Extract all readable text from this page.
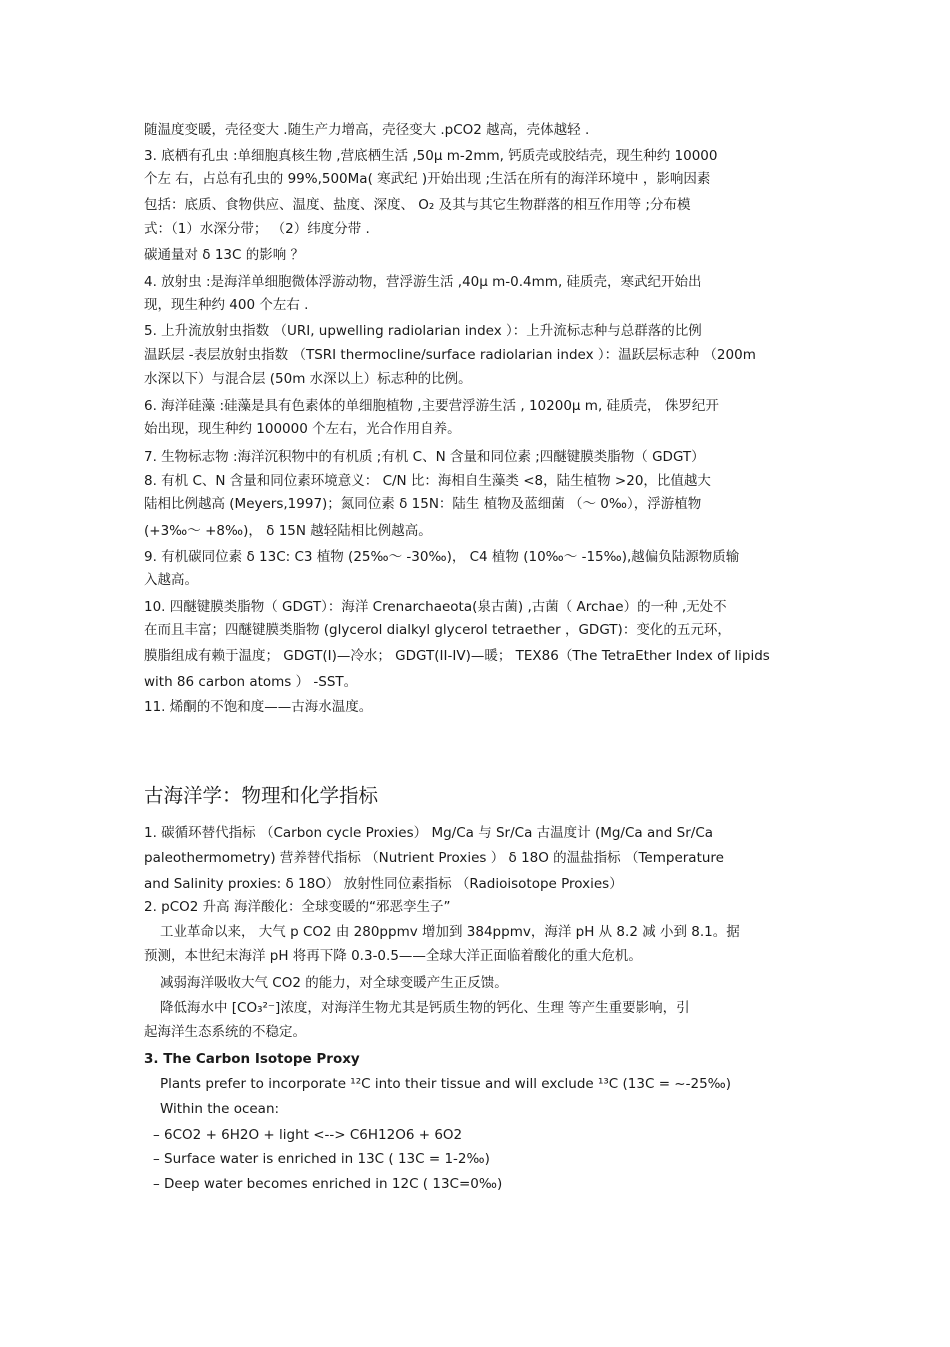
随温度变暖，壳径变大 .随生产力增高，壳径变大 .pCO2 越高，壳体越轻 .
3. 底栖有孔虫 :单细胞真核生物 ,营底栖生活 ,50μ m-2mm, 钙质壳或胶结壳，现生种约 10000
个左 右，占总有孔虫的 99%,500Ma( 寒武纪 )开始出现 ;生活在所有的海洋环境中 ，影响因素
包括：底质、食物供应、温度、盐度、深度、 O₂ 及其与其它生物群落的相互作用等 ;分布模
式：（1）水深分带； （2）纬度分带 .
碳通量对 δ 13C 的影响 ？
4. 放射虫 :是海洋单细胞微体浮游动物，营浮游生活 ,40μ m-0.4mm, 硅质壳，寒武纪开始出
现，现生种约 400 个左右 .
5. 上升流放射虫指数 （URI, upwelling radiolarian index ）：上升流标志种与总群落的比例
温跃层 -表层放射虫指数 （TSRI thermocline/surface radiolarian index ）：温跃层标志种 （200m
水深以下）与混合层 (50m 水深以上）标志种的比例。
6. 海洋硅藻 :硅藻是具有色素体的单细胞植物 ,主要营浮游生活 , 10200μ m, 硅质壳， 侏罗纪开
始出现，现生种约 100000 个左右，光合作用自养。
7. 生物标志物 :海洋沉积物中的有机质 ;有机 C、N 含量和同位素 ;四醚键膜类脂物（ GDGT）
8. 有机 C、N 含量和同位素环境意义： C/N 比：海相自生藻类 <8，陆生植物 >20，比值越大
陆相比例越高 (Meyers,1997)；氮同位素 δ 15N：陆生 植物及蓝细菌 （～ 0‰），浮游植物
(+3‰～ +8‰)， δ 15N 越轻陆相比例越高。
9. 有机碳同位素 δ 13C: C3 植物 (25‰～ -30‰)， C4 植物 (10‰～ -15‰),越偏负陆源物质输
入越高。
10. 四醚键膜类脂物（ GDGT）：海洋 Crenarchaeota(泉古菌) ,古菌（ Archae）的一种 ,无处不
在而且丰富；四醚键膜类脂物 (glycerol dialkyl glycerol tetraether ，GDGT)：变化的五元环，
膜脂组成有赖于温度； GDGT(I)—冷水； GDGT(II-IV)—暖； TEX86（The TetraEther Index of lipids
with 86 carbon atoms ） -SST。
11. 烯酮的不饱和度——古海水温度。
古海洋学：物理和化学指标
1. 碳循环替代指标 （Carbon cycle Proxies） Mg/Ca 与 Sr/Ca 古温度计 (Mg/Ca and Sr/Ca
paleothermometry) 营养替代指标 （Nutrient Proxies ） δ 18O 的温盐指标 （Temperature
and Salinity proxies: δ 18O） 放射性同位素指标 （Radioisotope Proxies）
2. pCO2 升高 海洋酸化：全球变暖的“邪恶孪生子”
工业革命以来， 大气 p CO2 由 280ppmv 增加到 384ppmv，海洋 pH 从 8.2 减 小到 8.1。据
预测，本世纪末海洋 pH 将再下降 0.3-0.5——全球大洋正面临着酸化的重大危机。
减弱海洋吸收大气 CO2 的能力，对全球变暖产生正反馈。
降低海水中 [CO₃²⁻]浓度，对海洋生物尤其是钙质生物的钙化、生理 等产生重要影响，引
起海洋生态系统的不稳定。
3. The Carbon Isotope Proxy
Plants prefer to incorporate ¹²C into their tissue and will exclude ¹³C (13C = ~-25‰)
Within the ocean:
– 6CO2 + 6H2O + light <--> C6H12O6 + 6O2
– Surface water is enriched in 13C ( 13C = 1-2‰)
– Deep water becomes enriched in 12C ( 13C=0‰)
